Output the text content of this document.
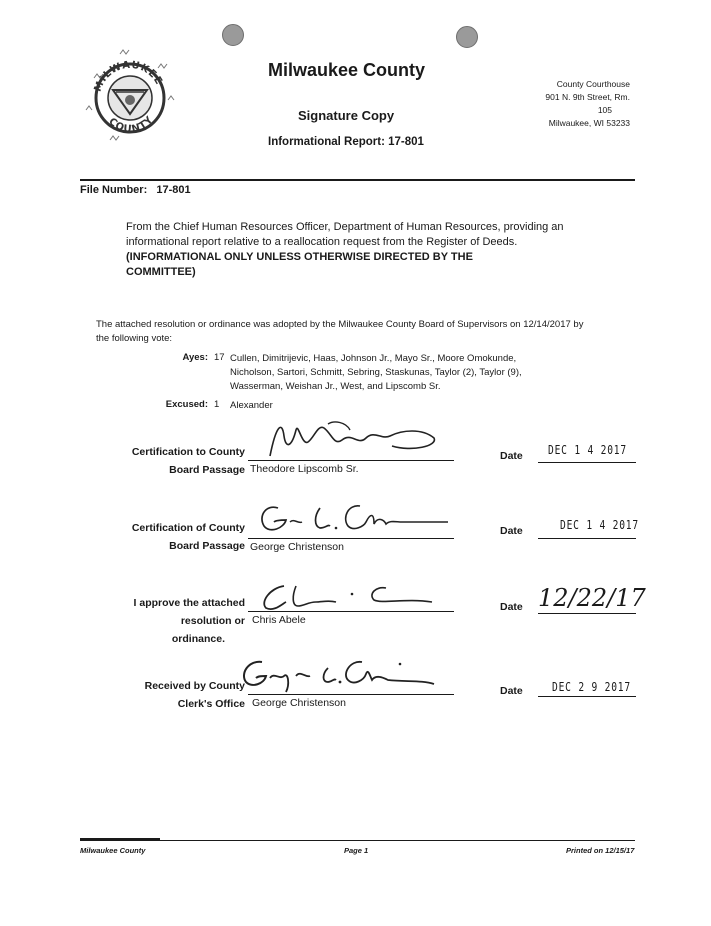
MILWAUKEE
COUNTY
Milwaukee County
Signature Copy
Informational Report: 17-801
County Courthouse
901 N. 9th Street, Rm.
105
Milwaukee, WI 53233
File Number:   17-801
From the Chief Human Resources Officer, Department of Human Resources, providing an informational report relative to a reallocation request from the Register of Deeds.
(INFORMATIONAL ONLY UNLESS OTHERWISE DIRECTED BY THE COMMITTEE)
The attached resolution or ordinance was adopted by the Milwaukee County Board of Supervisors on 12/14/2017 by the following vote:
Ayes: 17 Cullen, Dimitrijevic, Haas, Johnson Jr., Mayo Sr., Moore Omokunde, Nicholson, Sartori, Schmitt, Sebring, Staskunas, Taylor (2), Taylor (9), Wasserman, Weishan Jr., West, and Lipscomb Sr.
Excused: 1	Alexander
Certification to County
Board Passage Theodore Lipscomb Sr.
Date DEC 1 4 2017
Certification of County
Board Passage George Christenson
Date	DEC 1 4 2017
I approve the attached
resolution or
ordinance.
Chris Abele
Date 12/22/17
Received by County
Clerk's Office George Christenson
Date DEC 2 9 2017
Milwaukee County	Page 1	Printed on 12/15/17
